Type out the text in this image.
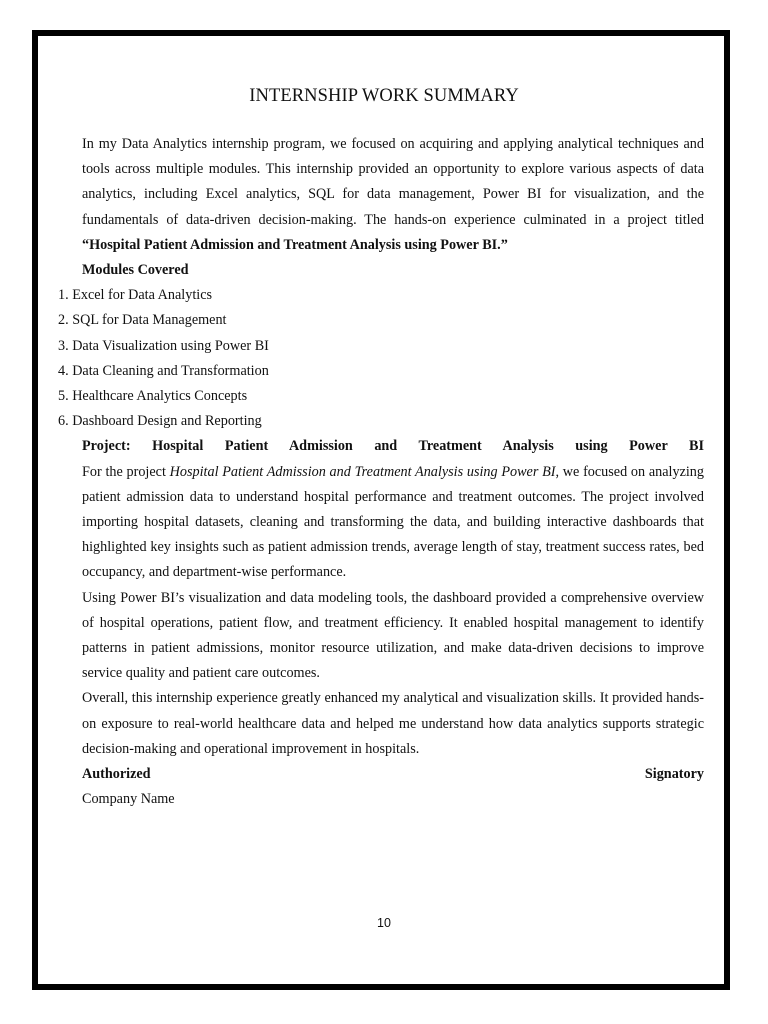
INTERNSHIP WORK SUMMARY

In my Data Analytics internship program, we focused on acquiring and applying analytical techniques and tools across multiple modules. This internship provided an opportunity to explore various aspects of data analytics, including Excel analytics, SQL for data management, Power BI for visualization, and the fundamentals of data-driven decision-making. The hands-on experience culminated in a project titled “Hospital Patient Admission and Treatment Analysis using Power BI.”

Modules Covered

1. Excel for Data Analytics
2. SQL for Data Management
3. Data Visualization using Power BI
4. Data Cleaning and Transformation
5. Healthcare Analytics Concepts
6. Dashboard Design and Reporting

Project: Hospital Patient Admission and Treatment Analysis using Power BI

For the project Hospital Patient Admission and Treatment Analysis using Power BI, we focused on analyzing patient admission data to understand hospital performance and treatment outcomes. The project involved importing hospital datasets, cleaning and transforming the data, and building interactive dashboards that highlighted key insights such as patient admission trends, average length of stay, treatment success rates, bed occupancy, and department-wise performance.

Using Power BI’s visualization and data modeling tools, the dashboard provided a comprehensive overview of hospital operations, patient flow, and treatment efficiency. It enabled hospital management to identify patterns in patient admissions, monitor resource utilization, and make data-driven decisions to improve service quality and patient care outcomes.

Overall, this internship experience greatly enhanced my analytical and visualization skills. It provided hands-on exposure to real-world healthcare data and helped me understand how data analytics supports strategic decision-making and operational improvement in hospitals.

Authorized	Signatory

Company Name

10
